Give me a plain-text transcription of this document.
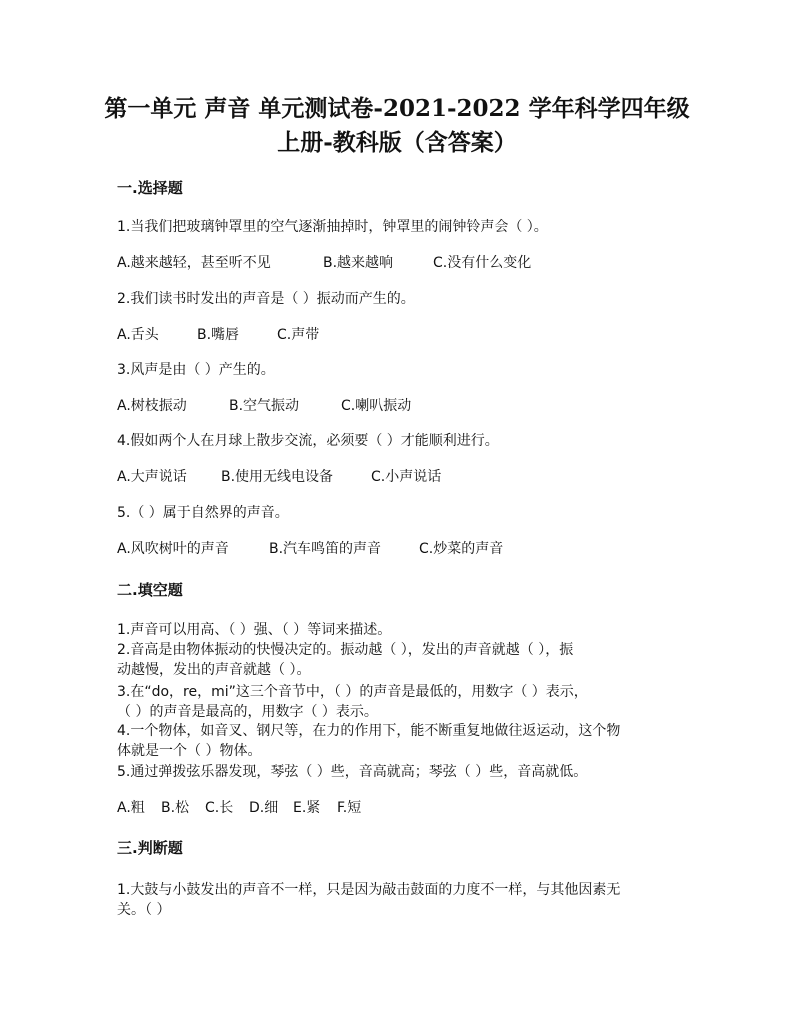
第一单元 声音 单元测试卷-2021-2022 学年科学四年级
上册-教科版（含答案）
一.选择题
1.当我们把玻璃钟罩里的空气逐渐抽掉时，钟罩里的闹钟铃声会（ ）。
A.越来越轻，甚至听不见	B.越来越响	C.没有什么变化
2.我们读书时发出的声音是（ ）振动而产生的。
A.舌头	B.嘴唇	C.声带
3.风声是由（ ）产生的。
A.树枝振动	B.空气振动	C.喇叭振动
4.假如两个人在月球上散步交流，必须要（ ）才能顺利进行。
A.大声说话 B.使用无线电设备	C.小声说话
5.（ ）属于自然界的声音。
A.风吹树叶的声音	B.汽车鸣笛的声音	C.炒菜的声音
二.填空题
1.声音可以用高、（ ）强、（ ）等词来描述。
2.音高是由物体振动的快慢决定的。振动越（ ），发出的声音就越（ ），振
动越慢，发出的声音就越（ ）。
3.在“do，re，mi”这三个音节中，（ ）的声音是最低的，用数字（ ）表示，
（ ）的声音是最高的，用数字（ ）表示。
4.一个物体，如音叉、钢尺等，在力的作用下，能不断重复地做往返运动，这个物
体就是一个（ ）物体。
5.通过弹拨弦乐器发现，琴弦（ ）些，音高就高；琴弦（ ）些，音高就低。
A.粗 B.松 C.长 D.细 E.紧 F.短
三.判断题
1.大鼓与小鼓发出的声音不一样，只是因为敲击鼓面的力度不一样，与其他因素无
关。（ ）
